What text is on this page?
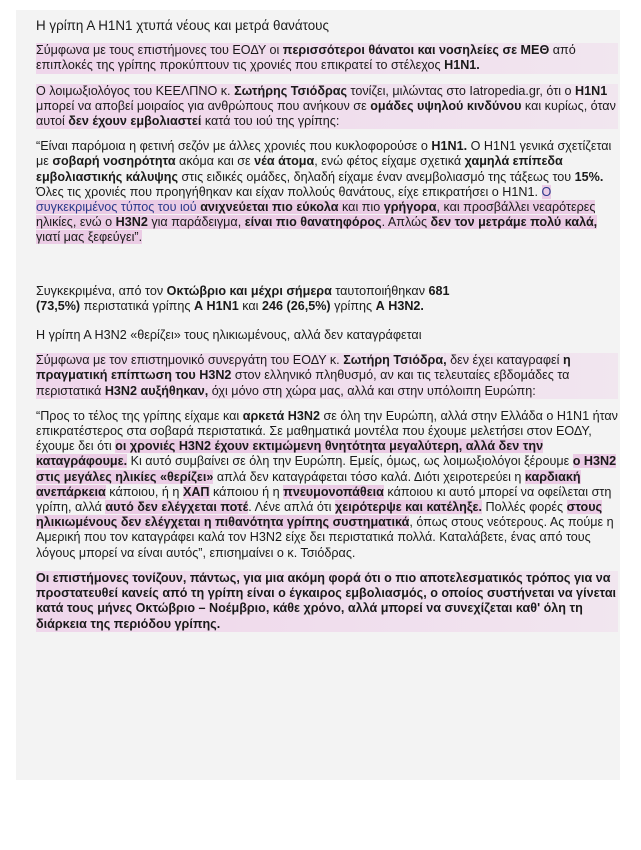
Η γρίπη Α Η1Ν1 χτυπά νέους και μετρά θανάτους

Σύμφωνα με τους επιστήμονες του ΕΟΔΥ οι περισσότεροι θάνατοι και νοσηλείες σε ΜΕΘ από επιπλοκές της γρίπης προκύπτουν τις χρονιές που επικρατεί το στέλεχος Η1Ν1.

Ο λοιμωξιολόγος του ΚΕΕΛΠΝΟ κ. Σωτήρης Τσιόδρας τονίζει, μιλώντας στο Iatropedia.gr, ότι ο Η1Ν1 μπορεί να αποβεί μοιραίος για ανθρώπους που ανήκουν σε ομάδες υψηλού κινδύνου και κυρίως, όταν αυτοί δεν έχουν εμβολιαστεί κατά του ιού της γρίπης:

“Είναι παρόμοια η φετινή σεζόν με άλλες χρονιές που κυκλοφορούσε ο Η1Ν1. Ο Η1Ν1 γενικά σχετίζεται με σοβαρή νοσηρότητα ακόμα και σε νέα άτομα, ενώ φέτος είχαμε σχετικά χαμηλά επίπεδα εμβολιαστικής κάλυψης στις ειδικές ομάδες, δηλαδή είχαμε έναν ανεμβολιασμό της τάξεως του 15%. Όλες τις χρονιές που προηγήθηκαν και είχαν πολλούς θανάτους, είχε επικρατήσει ο Η1Ν1. Ο συγκεκριμένος τύπος του ιού ανιχνεύεται πιο εύκολα και πιο γρήγορα, και προσβάλλει νεαρότερες ηλικίες, ενώ ο Η3Ν2 για παράδειγμα, είναι πιο θανατηφόρος. Απλώς δεν τον μετράμε πολύ καλά, γιατί μας ξεφεύγει”.

Συγκεκριμένα, από τον Οκτώβριο και μέχρι σήμερα ταυτοποιήθηκαν 681
(73,5%) περιστατικά γρίπης Α Η1Ν1 και 246 (26,5%) γρίπης Α Η3Ν2.

Η γρίπη Α Η3Ν2 «θερίζει» τους ηλικιωμένους, αλλά δεν καταγράφεται

Σύμφωνα με τον επιστημονικό συνεργάτη του ΕΟΔΥ κ. Σωτήρη Τσιόδρα, δεν έχει καταγραφεί η πραγματική επίπτωση του Η3Ν2 στον ελληνικό πληθυσμό, αν και τις τελευταίες εβδομάδες τα περιστατικά Η3Ν2 αυξήθηκαν, όχι μόνο στη χώρα μας, αλλά και στην υπόλοιπη Ευρώπη:

“Προς το τέλος της γρίπης είχαμε και αρκετά Η3Ν2 σε όλη την Ευρώπη, αλλά στην Ελλάδα ο Η1Ν1 ήταν επικρατέστερος στα σοβαρά περιστατικά. Σε μαθηματικά μοντέλα που έχουμε μελετήσει στον ΕΟΔΥ, έχουμε δει ότι οι χρονιές Η3Ν2 έχουν εκτιμώμενη θνητότητα μεγαλύτερη, αλλά δεν την καταγράφουμε. Κι αυτό συμβαίνει σε όλη την Ευρώπη. Εμείς, όμως, ως λοιμωξιολόγοι ξέρουμε ο Η3Ν2 στις μεγάλες ηλικίες «θερίζει» απλά δεν καταγράφεται τόσο καλά. Διότι χειροτερεύει η καρδιακή ανεπάρκεια κάποιου, ή η ΧΑΠ κάποιου ή η πνευμονοπάθεια κάποιου κι αυτό μπορεί να οφείλεται στη γρίπη, αλλά αυτό δεν ελέγχεται ποτέ. Λένε απλά ότι χειρότερψε και κατέληξε. Πολλές φορές στους ηλικιωμένους δεν ελέγχεται η πιθανότητα γρίπης συστηματικά, όπως στους νεότερους. Ας πούμε η Αμερική που τον καταγράφει καλά τον Η3Ν2 είχε δει περιστατικά πολλά. Καταλάβετε, ένας από τους λόγους μπορεί να είναι αυτός”, επισημαίνει ο κ. Τσιόδρας.

Οι επιστήμονες τονίζουν, πάντως, για μια ακόμη φορά ότι ο πιο αποτελεσματικός τρόπος για να προστατευθεί κανείς από τη γρίπη είναι ο έγκαιρος εμβολιασμός, ο οποίος συστήνεται να γίνεται κατά τους μήνες Οκτώβριο – Νοέμβριο, κάθε χρόνο, αλλά μπορεί να συνεχίζεται καθ' όλη τη διάρκεια της περιόδου γρίπης.
